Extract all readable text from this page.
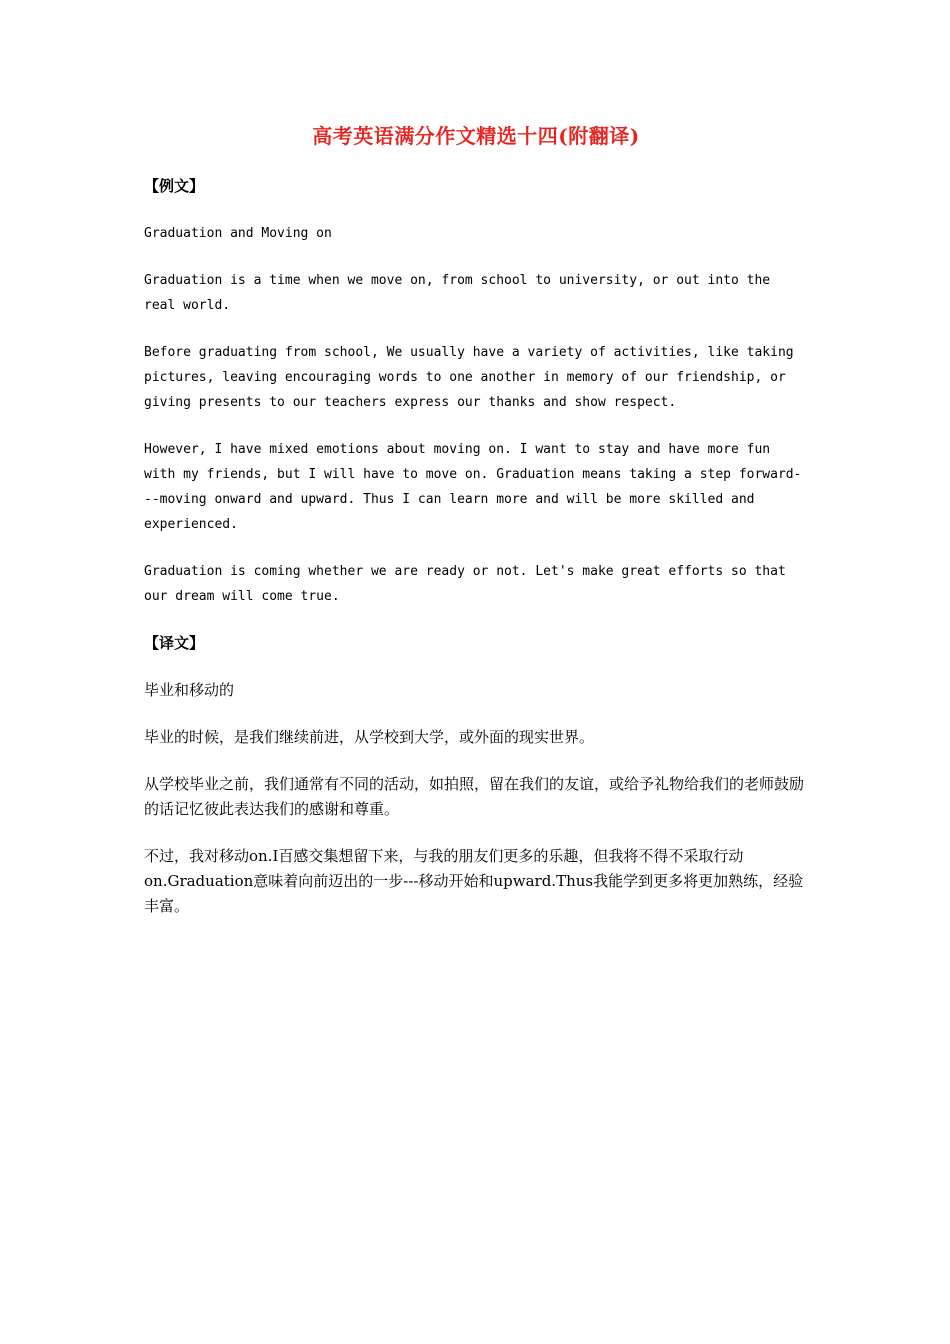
高考英语满分作文精选十四(附翻译)
【例文】

Graduation and Moving on

Graduation is a time when we move on, from school to university, or out into the real world.

Before graduating from school, We usually have a variety of activities, like taking pictures, leaving encouraging words to one another in memory of our friendship, or giving presents to our teachers express our thanks and show respect.

However, I have mixed emotions about moving on. I want to stay and have more fun with my friends, but I will have to move on. Graduation means taking a step forward---moving onward and upward. Thus I can learn more and will be more skilled and experienced.

Graduation is coming whether we are ready or not. Let's make great efforts so that our dream will come true.

【译文】

毕业和移动的

毕业的时候，是我们继续前进，从学校到大学，或外面的现实世界。

从学校毕业之前，我们通常有不同的活动，如拍照，留在我们的友谊，或给予礼物给我们的老师鼓励的话记忆彼此表达我们的感谢和尊重。

不过，我对移动on.I百感交集想留下来，与我的朋友们更多的乐趣，但我将不得不采取行动on.Graduation意味着向前迈出的一步---移动开始和upward.Thus我能学到更多将更加熟练，经验丰富。
